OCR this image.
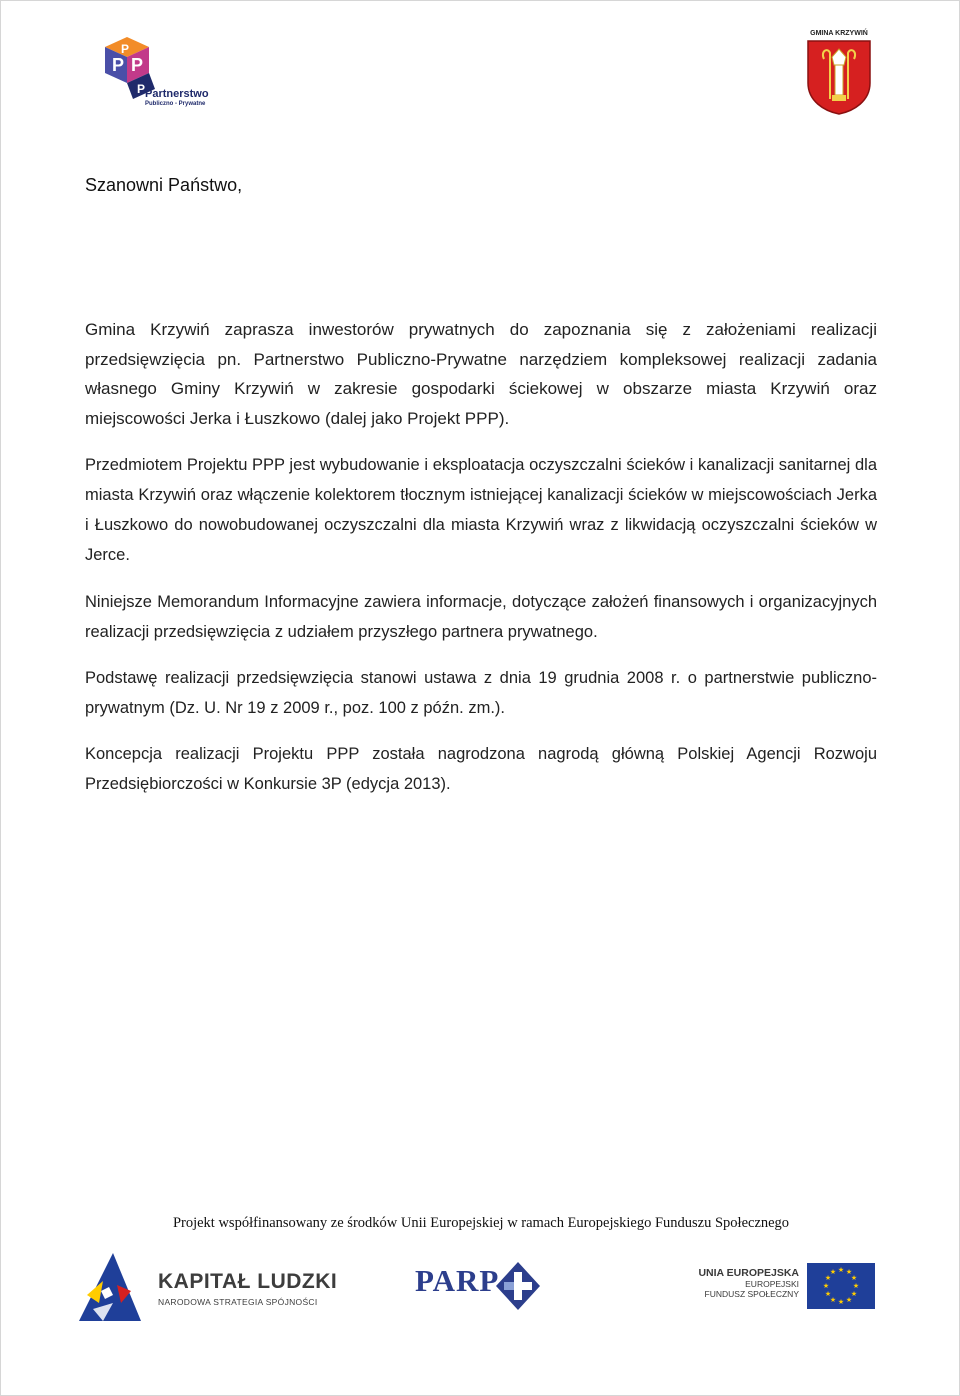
P P
P
P Partnerstwo
Publiczno - Prywatne
GMINA KRZYWIŃ
Szanowni Państwo,

Gmina Krzywiń zaprasza inwestorów prywatnych do zapoznania się z założeniami realizacji przedsięwzięcia pn. Partnerstwo Publiczno-Prywatne narzędziem kompleksowej realizacji zadania własnego Gminy Krzywiń w zakresie gospodarki ściekowej w obszarze miasta Krzywiń oraz miejscowości Jerka i Łuszkowo (dalej jako Projekt PPP).

Przedmiotem Projektu PPP jest wybudowanie i eksploatacja oczyszczalni ścieków i kanalizacji sanitarnej dla miasta Krzywiń oraz włączenie kolektorem tłocznym istniejącej kanalizacji ścieków w miejscowościach Jerka i Łuszkowo do nowobudowanej oczyszczalni dla miasta Krzywiń wraz z likwidacją oczyszczalni ścieków w Jerce.

Niniejsze Memorandum Informacyjne zawiera informacje, dotyczące założeń finansowych i organizacyjnych realizacji przedsięwzięcia z udziałem przyszłego partnera prywatnego.

Podstawę realizacji przedsięwzięcia stanowi ustawa z dnia 19 grudnia 2008 r. o partnerstwie publiczno-prywatnym (Dz. U. Nr 19 z 2009 r., poz. 100 z późn. zm.).

Koncepcja realizacji Projektu PPP została nagrodzona nagrodą główną Polskiej Agencji Rozwoju Przedsiębiorczości w Konkursie 3P (edycja 2013).

Projekt współfinansowany ze środków Unii Europejskiej w ramach Europejskiego Funduszu Społecznego
KAPITAŁ LUDZKI
NARODOWA STRATEGIA SPÓJNOŚCI
PARP	UNIA EUROPEJSKA
EUROPEJSKI
FUNDUSZ SPOŁECZNY
★ ★
★
★
★
★
★
★
★
★
★
★
